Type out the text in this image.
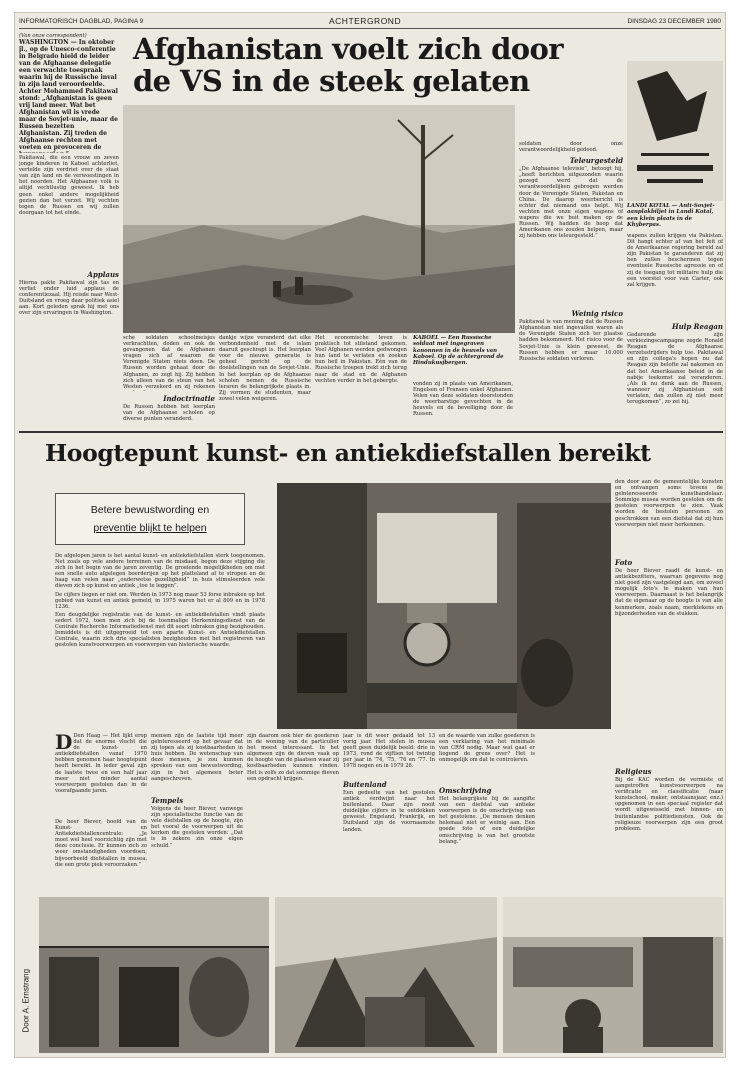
INFORMATORISCH DAGBLAD, PAGINA 9	ACHTERGROND	DINSDAG 23 DECEMBER 1980
(Van onze correspondent)
WASHINGTON — In oktober jl., op de Unesco-conferentie in Belgrado hield de leider van de Afghaanse delegatie een verwachte toespraak waarin hij de Russische inval in zijn land veroordeelde. Achter Mohammed Pakitawal stond: „Afghanistan is geen vrij land meer. Wat bet Afghanistan wil is vrede maar de Sovjet-unie, maar de Russen bezetten Afghanistan. Zij treden de Afghaanse rechten met voeten en provoceren de
Pakitawal, die een vrouw en zeven jonge kinderen in Kaboel achterliet, vertelde zijn verdriet over de staat van zijn land en de verwoestingen in het noorden. Het Afghaanse volk is altijd vechtlustig geweest. Ik heb geen enkel andere mogelijkheid gezien dan het verzet. Wij vechten tegen de Russen en wij zullen doorgaan tot het einde.
Applaus
Hierna pakte Pakitawal zijn tas en verliet onder luid applaus de conferentiezaal. Hij reisde naar West-Duitsland en vroeg daar politiek asiel aan. Kort geleden sprak hij met ons over zijn ervaringen in Washington.
Afghanistan voelt zich door de VS in de steek gelaten
sche soldaten schoolmeisjes verkrachtten, doden en ook de gevangenen dat de Afghanen vragen zich af waarom de Verenigde Staten niets doen. De Russen worden gehaat door de Afghanen, zo zegt hij. Zij hebben zich alleen van de steun van het Westen verzekerd en zij rekenen
Indoctrinatie
De Russen hebben het leerplan van de Afghaanse scholen op diverse punten veranderd.
dankje wijze veranderd dat elke verbondenheid met de islam daaruit geschrapt is. Het leerplan voor de nieuwe generatie is geheel gericht op de doelstellingen van de Sovjet-Unie. In het leerplan op de Afghaanse scholen nemen de Russische leraren de belangrijkste plaats in. Zij vormen de studenten, maar zowel velen weigeren.
Het economische leven is praktisch tot stilstand gekomen. Veel Afghanen werden gedwongen hun land te verlaten en zoeken hun heil in Pakistan. Eén van de Russische troepen trekt zich terug naar de stad en de Afghanen vechten verder in het gebergte.
KABOEL — Een Russische soldaat met ingegraven kanonnen in de heuvels van Kaboel. Op de achtergrond de Hindukusjbergen.
vonden zij in plaats van Amerikanen, Engelsen of Fransen enkel Afghanen. Velen van deze soldaten doorstonden de weerbarstige gevechten in de heuvels en de beveiliging door de Russen.
soldaten door onze verantwoordelijkheid gedood.
Teleurgesteld
„De Afghaanse televisie”, betoogt hij, „heeft berichten uitgezonden waarin gezegd werd dat de verantwoordelijken gebrogen werden door de Verenigde Staten, Pakistan en China. De daarop weerbericht is echter dat niemand ons helpt. Wij vechten met onze eigen wapens of wapens die we buit maken op de Russen. Wij hadden de hoop dat Amerikanen ons zouden helpen, maar zij hebben ons teleurgesteld.”
Weinig risico
Pakitawal is van mening dat de Russen Afghanistan niet ingevallen waren als de Verenigde Staten zich ter plaatse hadden bekommerd. Het risico voor de Sovjet-Unie is klein geweest, de Russen hebben er maar 10.000 Russische soldaten verloren.
LANDI KOTAL — Anti-Sovjet-aanplakbiljet in Landi Kotal, een klein plaats in de Khyberpas.
wapens zullen krijgen via Pakistan. Dit hangt echter af van het feit of de Amerikaanse regering bereid zal zijn Pakistan te garanderen dat zij hen zullen beschermen tegen eventuele Russische agressie en of zij de toegang tot militaire hulp die een voorstel voor van Carter, ook zal krijgen.
Hulp Reagan
Gedurende zijn verkiezingscampagne zegde Ronald Reagan de Afghaanse verzetsstrijders hulp toe. Pakitawal en zijn collega's hopen nu dat Reagan zijn belofte zal nakomen en dat het Amerikaanse beleid in de nabije toekomst zal veranderen. „Als ik nu denk aan de Russen, wanneer zij Afghanistan ooit verlaten, dan zullen zij niet meer terugkomen”, zo zei hij.
Hoogtepunt kunst- en antiekdiefstallen bereikt
Betere bewustwording en
preventie blijkt te helpen
De afgelopen jaren is het aantal kunst- en antiekdiefstallen sterk toegenomen. Net zoals op vele andere terreinen van de misdaad, begon deze stijging die zich in het begin van de jaren zeventig. De groeiende mogelijkheden om met een snelle auto afgelegen boerderijen op het platteland af te stropen en de haag van velen naar „ouderwetse gezelligheid” in huis stimuleerden vele dieven zich op kunst en antiek „toe te leggen”.
De cijfers liegen er niet om. Werden in 1973 nog maar 53 forse inbraken op het gebied van kunst en antiek gemeld, in 1975 waren het er al 809 en in 1978 1236.
Een deugdelijke registratie van de kunst- en antiekdiefstallen vindt plaats sedert 1972, toen men zich bij de toenmalige Herkenningsdienst van de Centrale Recherche Informatiedienst met dit soort inbraken ging bezighouden. Inmiddels is dit uitgegroeid tot een aparte Kunst- en Antiekdiefstallen Centrale, waarin zich drie specialisten bezighouden met het registreren van gestolen kunstvoorwerpen en voorwerpen van historische waarde.
D Den Haag — Het lijkt erop dat de enorme vlucht die de kunst- en antiekdiefstallen vanaf 1970 hebben genomen haar hoogtepunt heeft bereikt. In ieder geval zijn de laatste twee en een half jaar meer niet minder aantal voorwerpen gestolen dan in de voorafgaande jaren.
De heer Biever, hoofd van de Kunst- en Antiekdiefstallencentrale: „Je moet wel heel voorzichtig zijn met deze conclusie. Er kunnen zich zo weer omstandigheden voordoen, bijvoorbeeld diefstallen in musea, die een grote piek veroorzaken.”
mensen zijn de laatste tijd meer geïnteresseerd op het gevaar dat zij lopen als zij kostbaarheden in huis hebben. De wetenschap van deze mensen, je zou kunnen spreken van een bewustwording, zijn in het algemeen beter aangeschreven.
Tempels
Volgens de heer Biever, vanwege zijn specialistische functie van de vele diefstallen op de hoogte, zijn het vooral de voorwerpen uit de kerken die gestolen worden: „Dat is in zekere zin onze eigen schuld.”
zijn daarom ook hier de goederen in de woning van de particulier het meest interessant. In het algemeen zijn de dieven vaak op de hoogte van de plaatsen waar zij kostbaarheden kunnen vinden. Het is zelfs zo dat sommige dieven een opdracht krijgen.
jaar is dit weer gedaald tot 13 vorig jaar. Het stelen in musea geeft geen duidelijk beeld: drie in 1973, rond de vijftien tot twintig per jaar in '74, '75, '76 en '77. In 1978 negen en in 1979 26.
Buitenland
Een gedeelte van het gestolen antiek verdwijnt naar het buitenland. Daar zijn nooit duidelijke cijfers in te ontdekken geweest. Engeland, Frankrijk, en Duitsland zijn de voornaamste landen.
en de waarde van zulke goederen is een verklaring van het minimale van CRM nodig. Maar wat gaat er liegend de grens over? Het is onmogelijk om dat te controleren.
Omschrijving
Het belangrijkste bij de aangifte van een diefstal van antieke voorwerpen is de omschrijving van het gestolene. „De mensen denken helemaal niet er weinig aan. Een goede foto of een duidelijke omschrijving is van het grootste belang.”
den door aan de gemeentelijke kunsten en ontvangen soms tevens de geïnteresseerde kunsthandelaar. Sommige musea worden gestolen om de gestolen voorwerpen te zien. Vaak worden de bestolen personen zo geschrokken van een diefstal dat zij hun voorwerpen niet meer herkennen.
Foto
De heer Biever raadt de kunst- en antiekbezitters, waarvan gegevens nog niet goed zijn vastgelegd aan, om zoveel mogelijk foto's te maken van hun voorwerpen. Daarnaast is het belangrijk dat de eigenaar op de hoogte is van alle kenmerken, zoals naam, merktekens en bijzonderheden van de stukken.
Religieus
Bij de KAC worden de vermiste of aangetroffen kunstvoorwerpen na verificatie en classificatie (naar kunstschool, maker, ontstaansjaar, enz.) opgenomen in een speciaal register dat wordt uitgewisseld met binnen- en buitenlandse politiediensten. Ook de religieuze voorwerpen zijn een groot probleem.
Door A. Ernstrang
